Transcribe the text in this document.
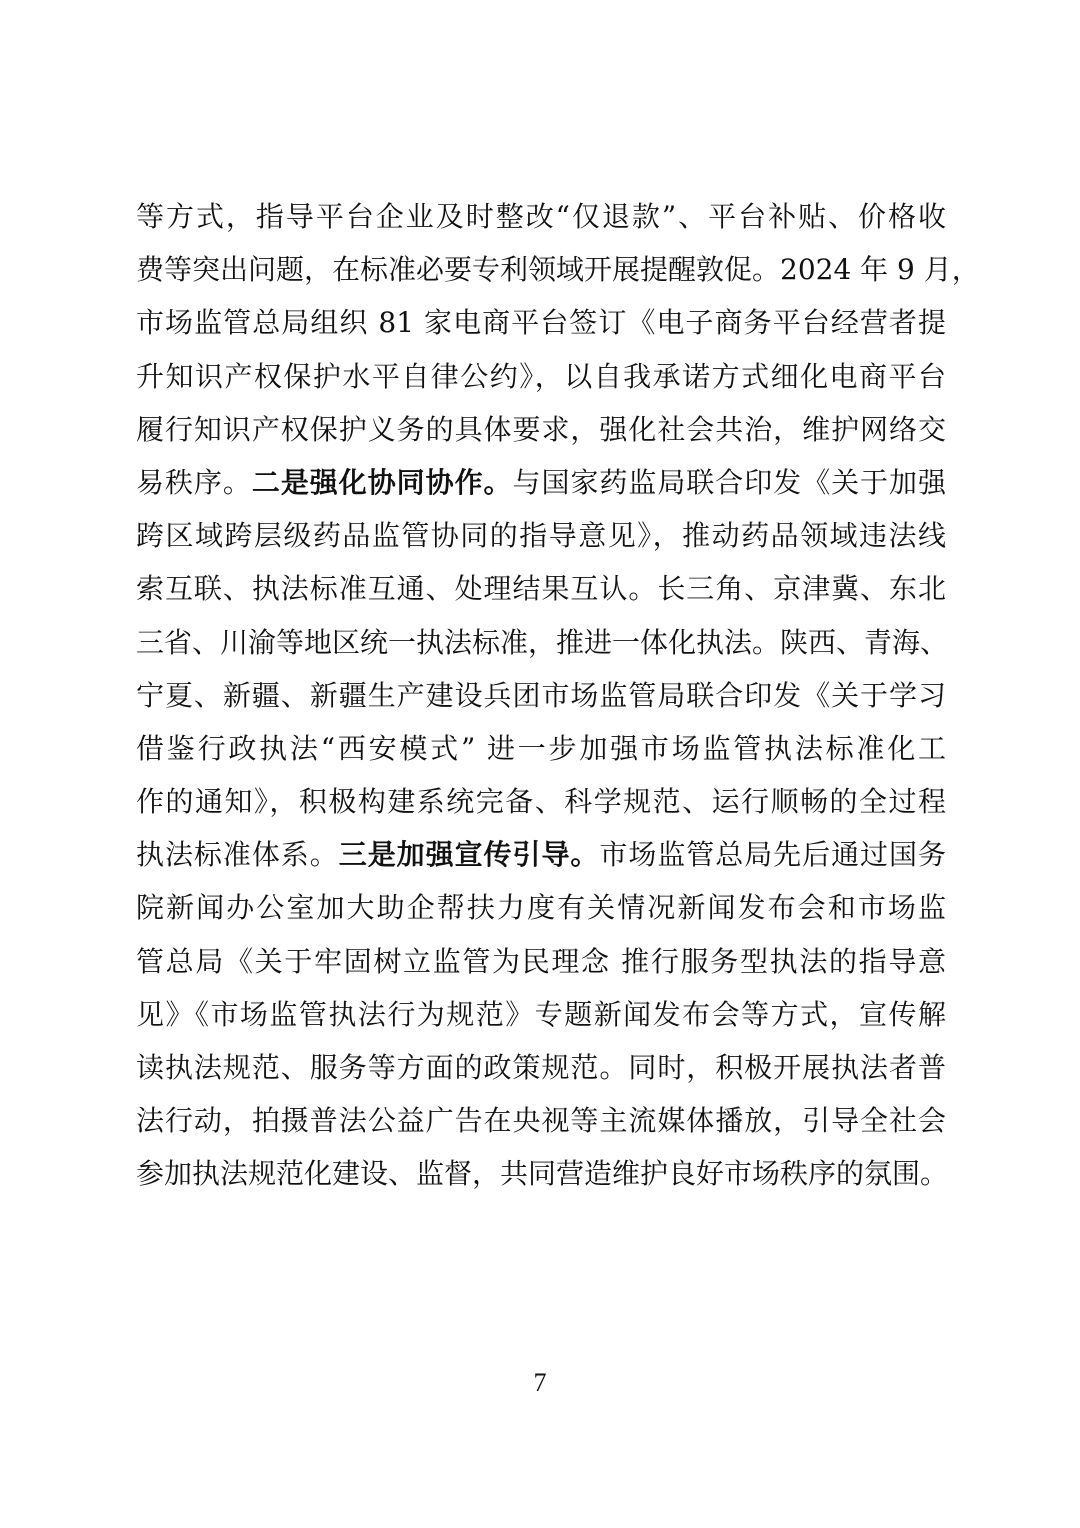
等方式，指导平台企业及时整改“仅退款”、平台补贴、价格收
费等突出问题，在标准必要专利领域开展提醒敦促。2024 年 9 月，
市场监管总局组织 81 家电商平台签订《电子商务平台经营者提
升知识产权保护水平自律公约》，以自我承诺方式细化电商平台
履行知识产权保护义务的具体要求，强化社会共治，维护网络交
易秩序。二是强化协同协作。与国家药监局联合印发《关于加强
跨区域跨层级药品监管协同的指导意见》，推动药品领域违法线
索互联、执法标准互通、处理结果互认。长三角、京津冀、东北
三省、川渝等地区统一执法标准，推进一体化执法。陕西、青海、
宁夏、新疆、新疆生产建设兵团市场监管局联合印发《关于学习
借鉴行政执法“西安模式” 进一步加强市场监管执法标准化工
作的通知》，积极构建系统完备、科学规范、运行顺畅的全过程
执法标准体系。三是加强宣传引导。市场监管总局先后通过国务
院新闻办公室加大助企帮扶力度有关情况新闻发布会和市场监
管总局《关于牢固树立监管为民理念 推行服务型执法的指导意
见》《市场监管执法行为规范》专题新闻发布会等方式，宣传解
读执法规范、服务等方面的政策规范。同时，积极开展执法者普
法行动，拍摄普法公益广告在央视等主流媒体播放，引导全社会
参加执法规范化建设、监督，共同营造维护良好市场秩序的氛围。
7
